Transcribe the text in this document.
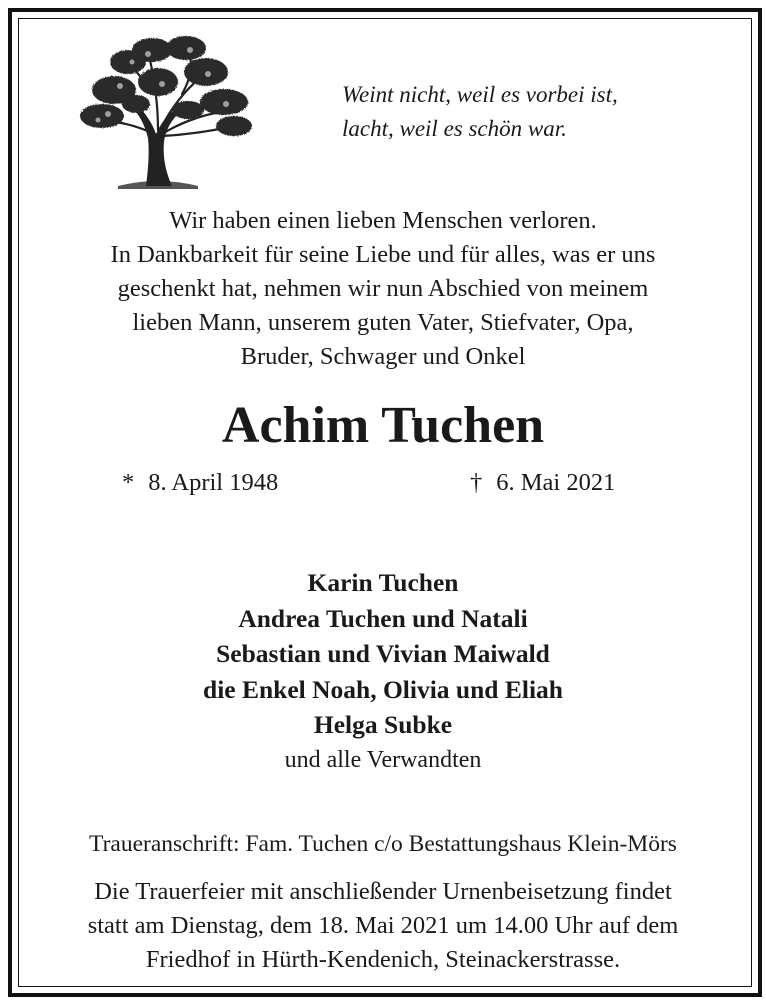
Weint nicht, weil es vorbei ist,
lacht, weil es schön war.
Wir haben einen lieben Menschen verloren.
In Dankbarkeit für seine Liebe und für alles, was er uns
geschenkt hat, nehmen wir nun Abschied von meinem
lieben Mann, unserem guten Vater, Stiefvater, Opa,
Bruder, Schwager und Onkel
Achim Tuchen
* 8. April 1948	† 6. Mai 2021
Karin Tuchen
Andrea Tuchen und Natali
Sebastian und Vivian Maiwald
die Enkel Noah, Olivia und Eliah
Helga Subke
und alle Verwandten
Traueranschrift: Fam. Tuchen c/o Bestattungshaus Klein-Mörs
Die Trauerfeier mit anschließender Urnenbeisetzung findet
statt am Dienstag, dem 18. Mai 2021 um 14.00 Uhr auf dem
Friedhof in Hürth-Kendenich, Steinackerstrasse.
